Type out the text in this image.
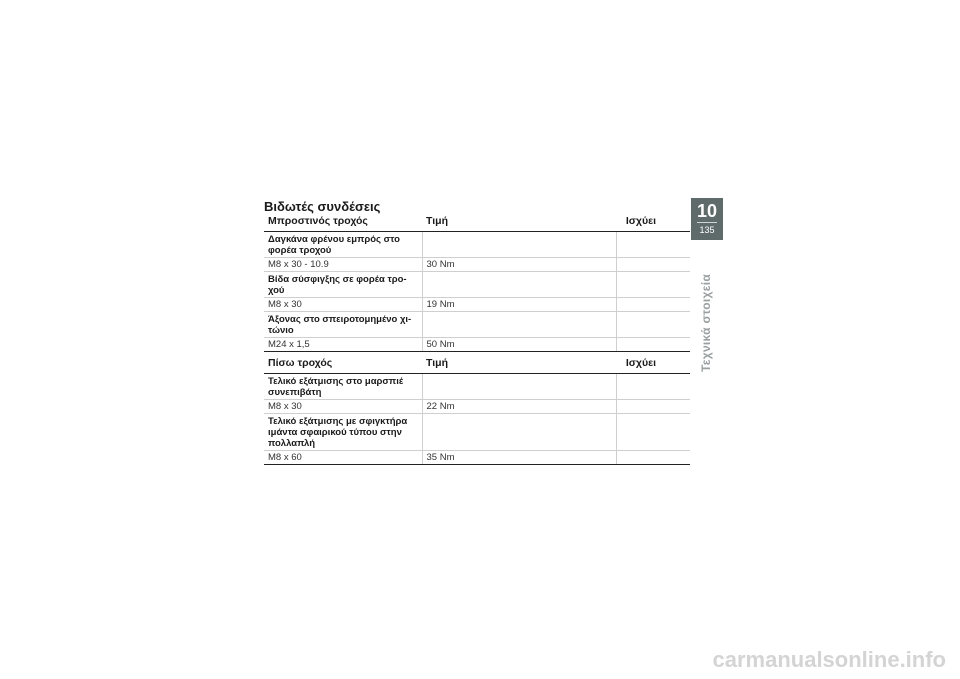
Βιδωτές συνδέσεις
Μπροστινός τροχός	Τιμή	Ισχύει
Δαγκάνα φρένου εμπρός στο φορέα τροχού		
M8 x 30 - 10.9	30 Nm	
Βίδα σύσφιγξης σε φορέα τρο- χού		
M8 x 30	19 Nm	
Άξονας στο σπειροτομημένο χι- τώνιο		
M24 x 1,5	50 Nm	
Πίσω τροχός	Τιμή	Ισχύει
Τελικό εξάτμισης στο μαρσπιέ συνεπιβάτη		
M8 x 30	22 Nm	
Τελικό εξάτμισης με σφιγκτήρα ιμάντα σφαιρικού τύπου στην πολλαπλή		
M8 x 60	35 Nm	
10
135
Τεχνικά στοιχεία
carmanualsonline.info
